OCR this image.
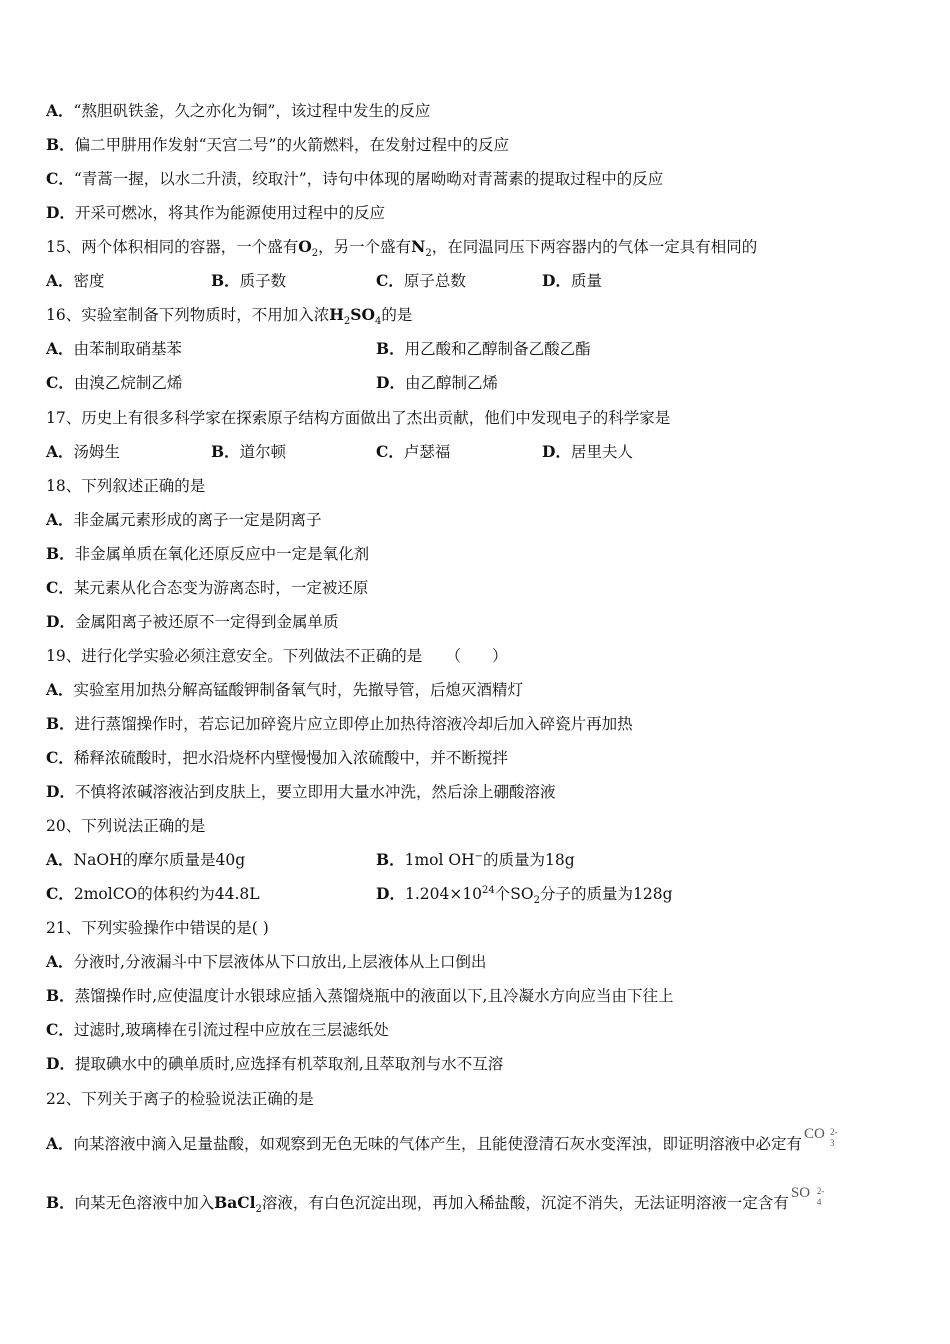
A．“熬胆矾铁釜，久之亦化为铜”，该过程中发生的反应
B．偏二甲肼用作发射“天宫二号”的火箭燃料，在发射过程中的反应
C．“青蒿一握，以水二升渍，绞取汁”，诗句中体现的屠呦呦对青蒿素的提取过程中的反应
D．开采可燃冰，将其作为能源使用过程中的反应
15、两个体积相同的容器，一个盛有$O_2$，另一个盛有$N_2$，在同温同压下两容器内的气体一定具有相同的
A．密度	B．质子数	C．原子总数	D．质量
16、实验室制备下列物质时，不用加入浓$H_2SO_4$的是
A．由苯制取硝基苯	B．用乙酸和乙醇制备乙酸乙酯
C．由溴乙烷制乙烯	D．由乙醇制乙烯
17、历史上有很多科学家在探索原子结构方面做出了杰出贡献，他们中发现电子的科学家是
A．汤姆生	B．道尔顿	C．卢瑟福	D．居里夫人
18、下列叙述正确的是
A．非金属元素形成的离子一定是阴离子
B．非金属单质在氧化还原反应中一定是氧化剂
C．某元素从化合态变为游离态时，一定被还原
D．金属阳离子被还原不一定得到金属单质
19、进行化学实验必须注意安全。下列做法不正确的是　　（　　）
A．实验室用加热分解高锰酸钾制备氧气时，先撤导管，后熄灭酒精灯
B．进行蒸馏操作时，若忘记加碎瓷片应立即停止加热待溶液冷却后加入碎瓷片再加热
C．稀释浓硫酸时，把水沿烧杯内壁慢慢加入浓硫酸中，并不断搅拌
D．不慎将浓碱溶液沾到皮肤上，要立即用大量水冲洗，然后涂上硼酸溶液
20、下列说法正确的是
A．NaOH的摩尔质量是40g	B．1mol OH−的质量为18g
C．2molCO的体积约为44.8L	D．$1.204\times 10^{24}$个$SO_2$分子的质量为128g
21、下列实验操作中错误的是( )
A．分液时,分液漏斗中下层液体从下口放出,上层液体从上口倒出
B．蒸馏操作时,应使温度计水银球应插入蒸馏烧瓶中的液面以下,且冷凝水方向应当由下往上
C．过滤时,玻璃棒在引流过程中应放在三层滤纸处
D．提取碘水中的碘单质时,应选择有机萃取剂,且萃取剂与水不互溶
22、下列关于离子的检验说法正确的是
A．向某溶液中滴入足量盐酸，如观察到无色无味的气体产生，且能使澄清石灰水变浑浊，即证明溶液中必定有
CO 2-
3
B．向某无色溶液中加入BaCl$_2$溶液，有白色沉淀出现，再加入稀盐酸，沉淀不消失，无法证明溶液一定含有
SO 2-
4
